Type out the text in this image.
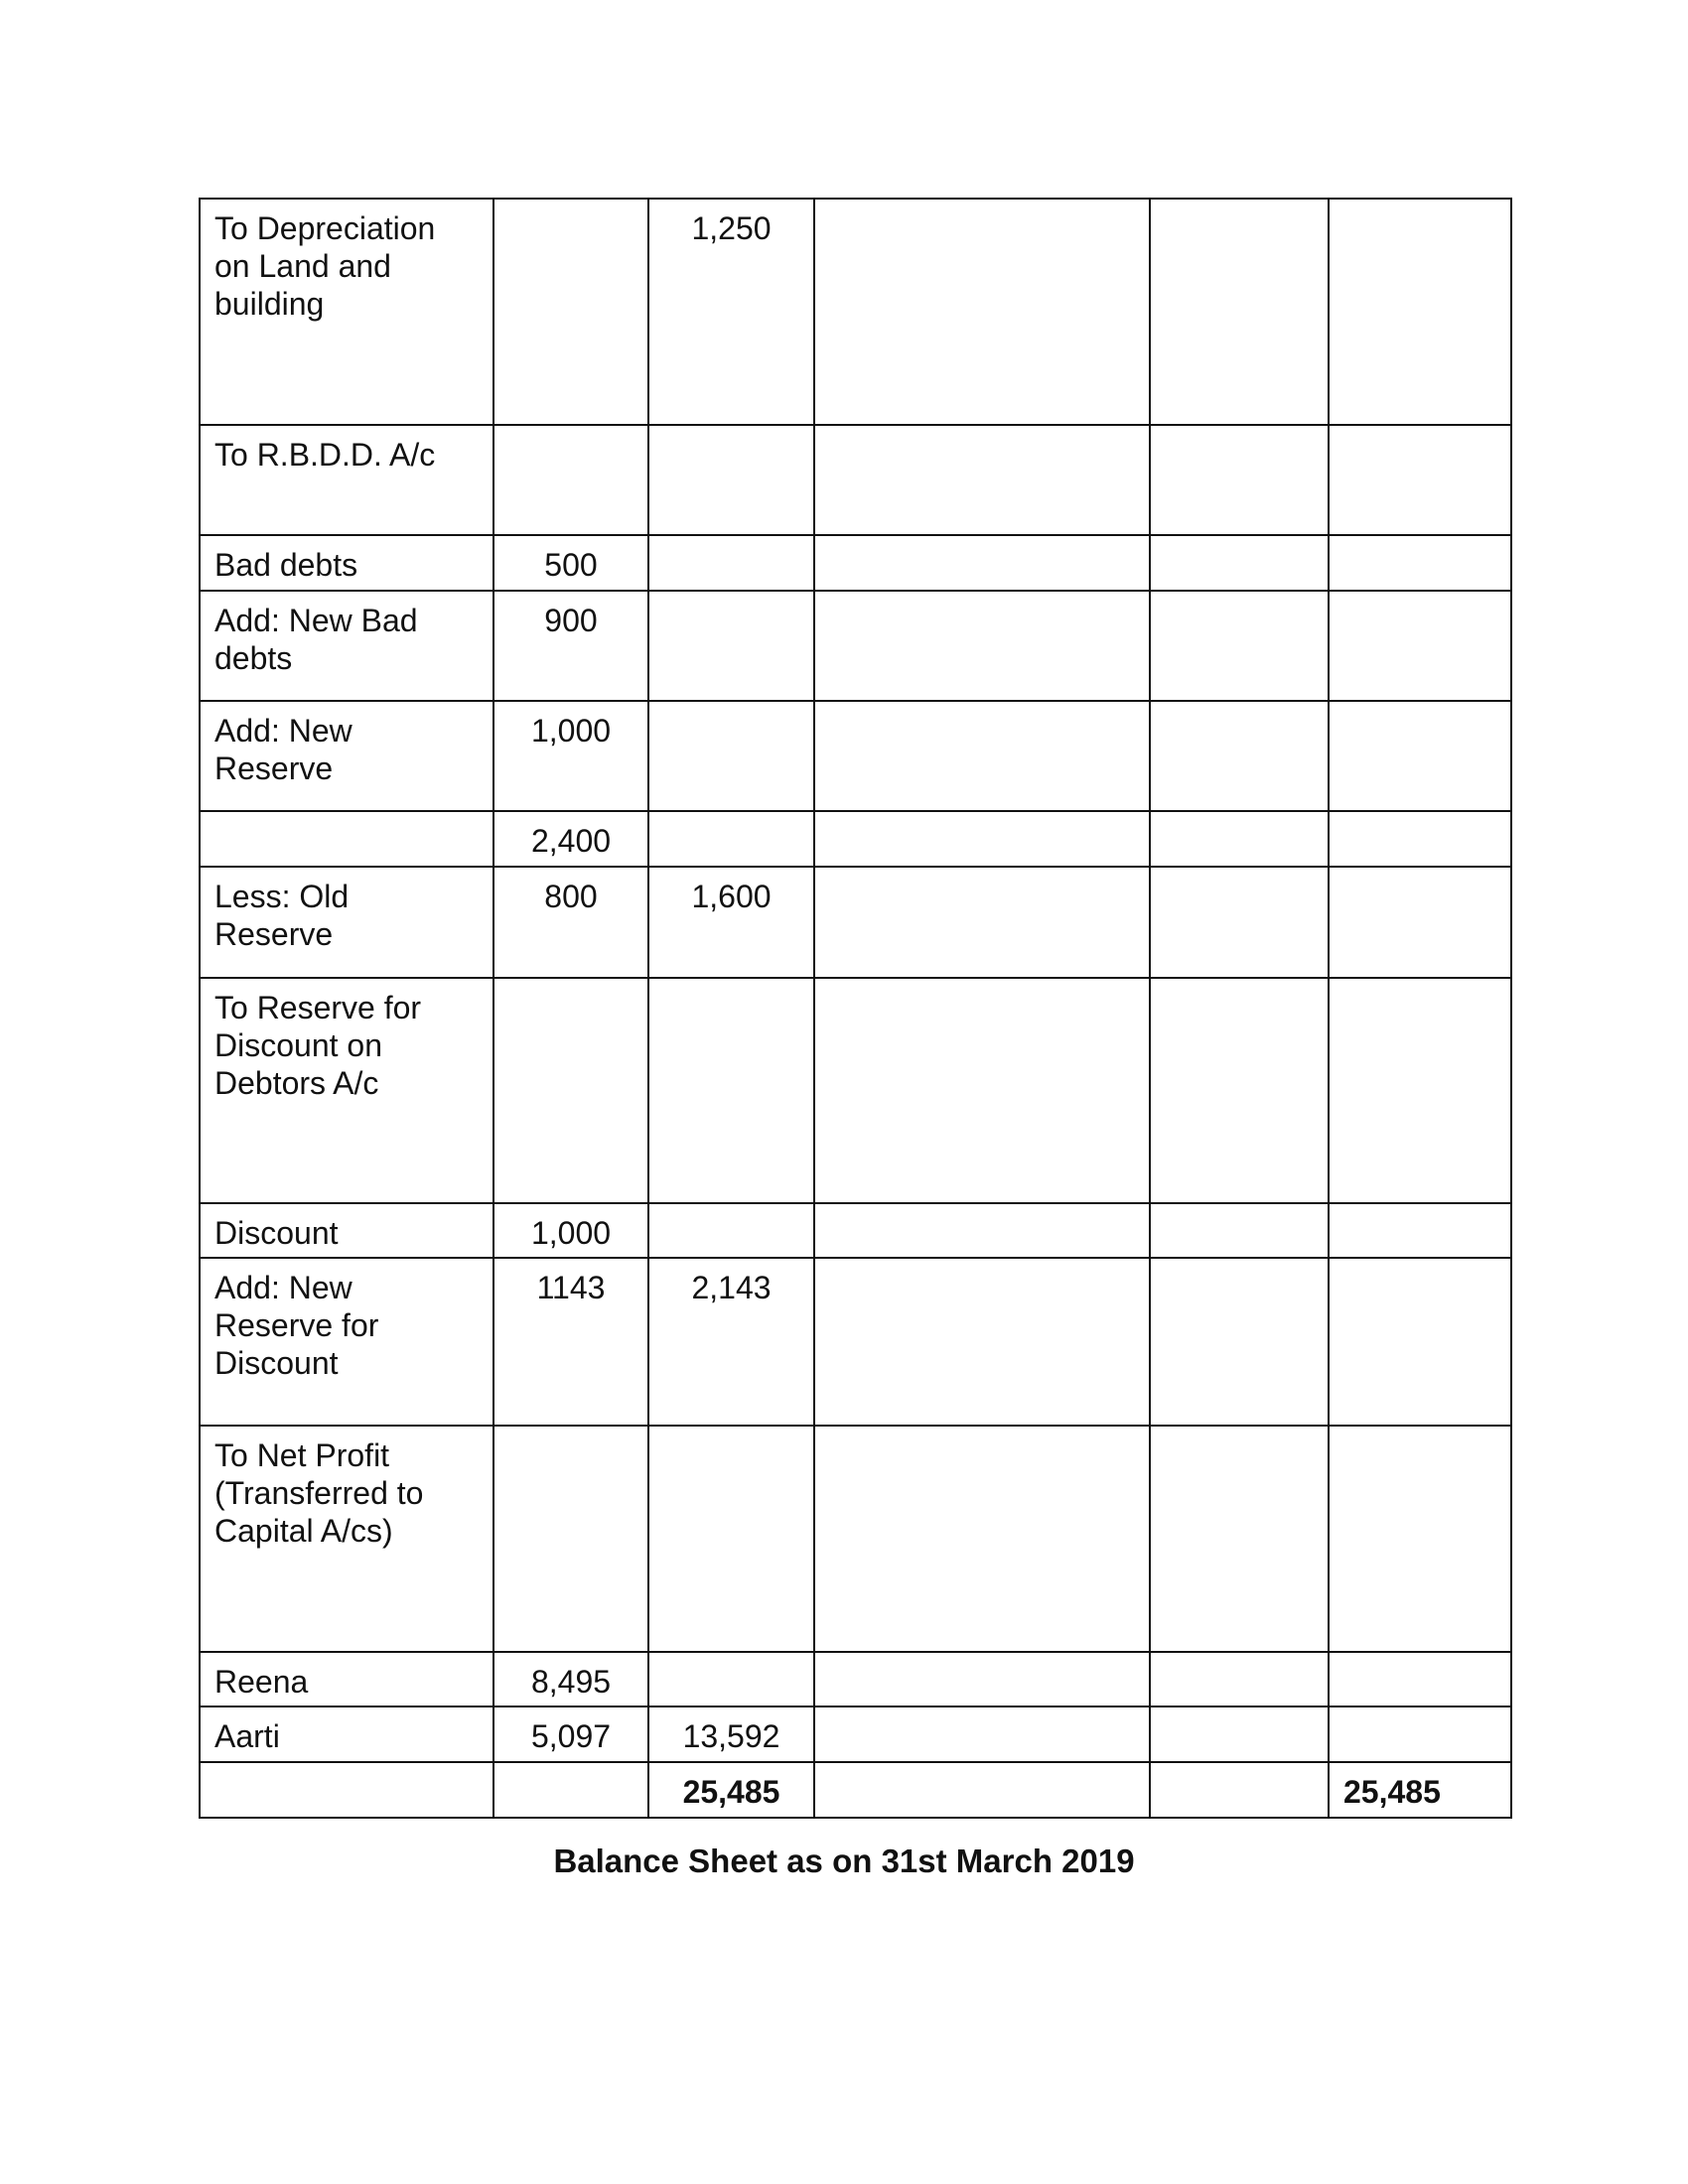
To Depreciation
on Land and
building		1,250			
To R.B.D.D. A/c					
Bad debts	500				
Add: New Bad
debts	900				
Add: New
Reserve	1,000				
	2,400				
Less: Old
Reserve	800	1,600			
To Reserve for
Discount on
Debtors A/c					
Discount	1,000				
Add: New
Reserve for
Discount	1143	2,143			
To Net Profit
(Transferred to
Capital A/cs)					
Reena	8,495				
Aarti	5,097	13,592			
		25,485			25,485
Balance Sheet as on 31st March 2019
